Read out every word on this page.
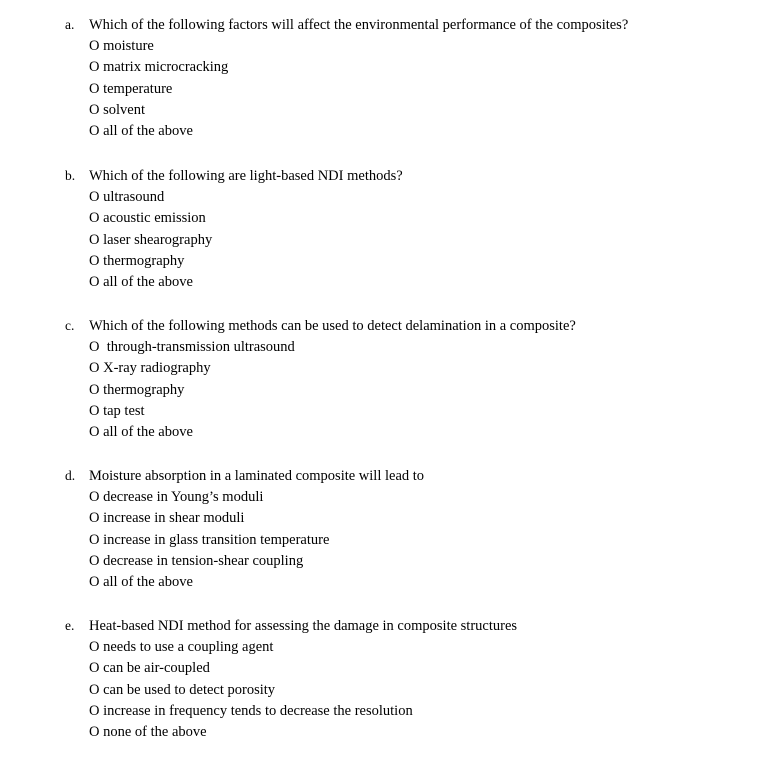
a. Which of the following factors will affect the environmental performance of the composites?
O moisture
O matrix microcracking
O temperature
O solvent
O all of the above
b. Which of the following are light-based NDI methods?
O ultrasound
O acoustic emission
O laser shearography
O thermography
O all of the above
c. Which of the following methods can be used to detect delamination in a composite?
O  through-transmission ultrasound
O X-ray radiography
O thermography
O tap test
O all of the above
d. Moisture absorption in a laminated composite will lead to
O decrease in Young’s moduli
O increase in shear moduli
O increase in glass transition temperature
O decrease in tension-shear coupling
O all of the above
e. Heat-based NDI method for assessing the damage in composite structures
O needs to use a coupling agent
O can be air-coupled
O can be used to detect porosity
O increase in frequency tends to decrease the resolution
O none of the above
